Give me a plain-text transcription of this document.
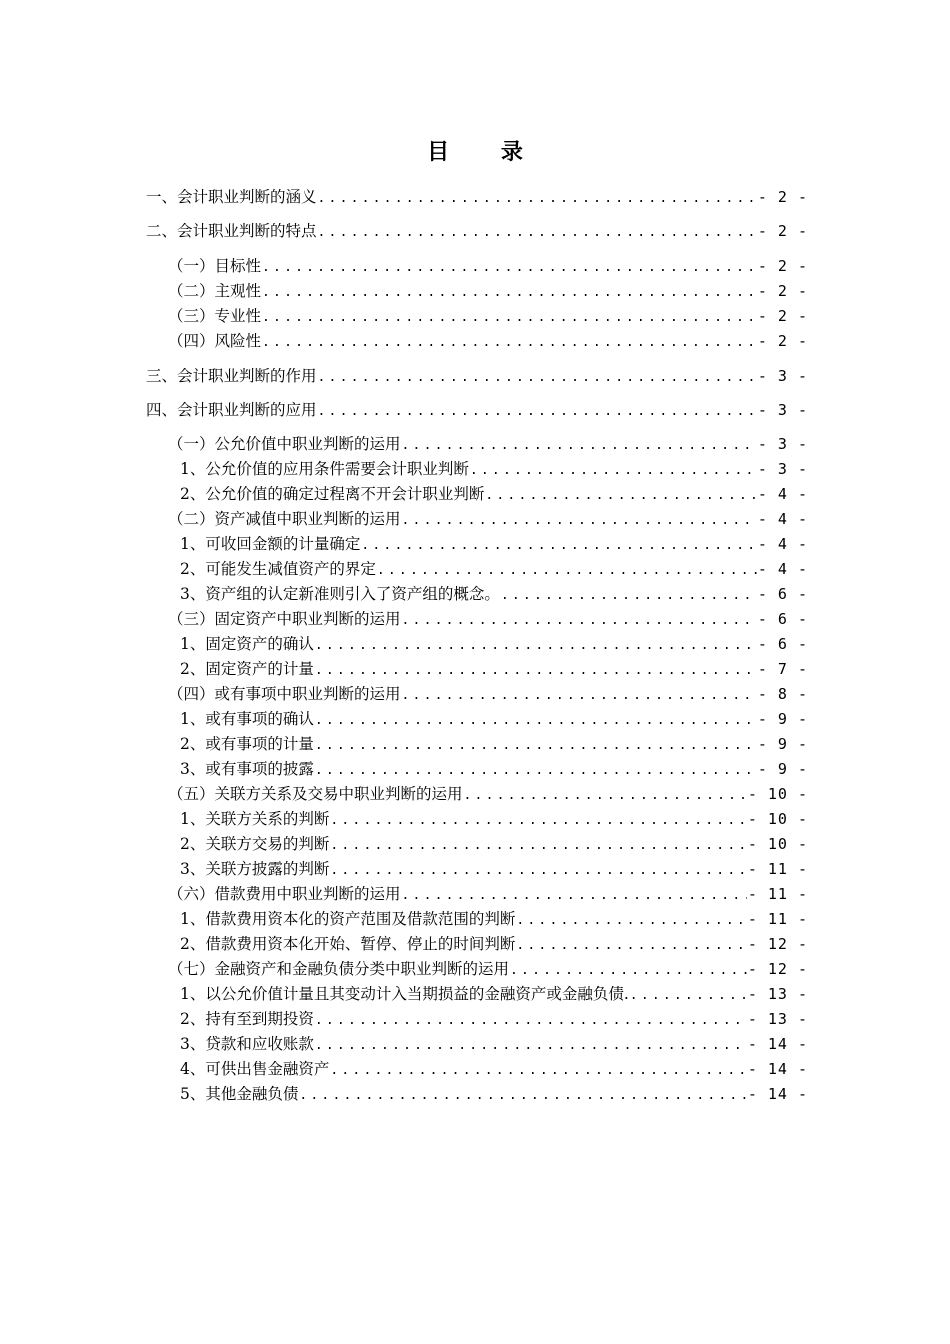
目 录
一、会计职业判断的涵义 .....	- 2 -
二、会计职业判断的特点 .....	- 2 -
（一）目标性 .....	- 2 -
（二）主观性 .....	- 2 -
（三）专业性 .....	- 2 -
（四）风险性 .....	- 2 -
三、会计职业判断的作用 .....	- 3 -
四、会计职业判断的应用 .....	- 3 -
（一）公允价值中职业判断的运用 .....	- 3 -
1、公允价值的应用条件需要会计职业判断 .....	- 3 -
2、公允价值的确定过程离不开会计职业判断 .....	- 4 -
（二）资产减值中职业判断的运用 .....	- 4 -
1、可收回金额的计量确定 .....	- 4 -
2、可能发生减值资产的界定 .....	- 4 -
3、资产组的认定新准则引入了资产组的概念。 .....	- 6 -
（三）固定资产中职业判断的运用 .....	- 6 -
1、固定资产的确认 .....	- 6 -
2、固定资产的计量 .....	- 7 -
（四）或有事项中职业判断的运用 .....	- 8 -
1、或有事项的确认 .....	- 9 -
2、或有事项的计量 .....	- 9 -
3、或有事项的披露 .....	- 9 -
（五）关联方关系及交易中职业判断的运用 .....	- 10 -
1、关联方关系的判断 .....	- 10 -
2、关联方交易的判断 .....	- 10 -
3、关联方披露的判断 .....	- 11 -
（六）借款费用中职业判断的运用 .....	- 11 -
1、借款费用资本化的资产范围及借款范围的判断 .....	- 11 -
2、借款费用资本化开始、暂停、停止的时间判断 .....	- 12 -
（七）金融资产和金融负债分类中职业判断的运用 .....	- 12 -
1、以公允价值计量且其变动计入当期损益的金融资产或金融负债. .....	- 13 -
2、持有至到期投资 .....	- 13 -
3、贷款和应收账款 .....	- 14 -
4、可供出售金融资产 .....	- 14 -
5、其他金融负债 .....	- 14 -
